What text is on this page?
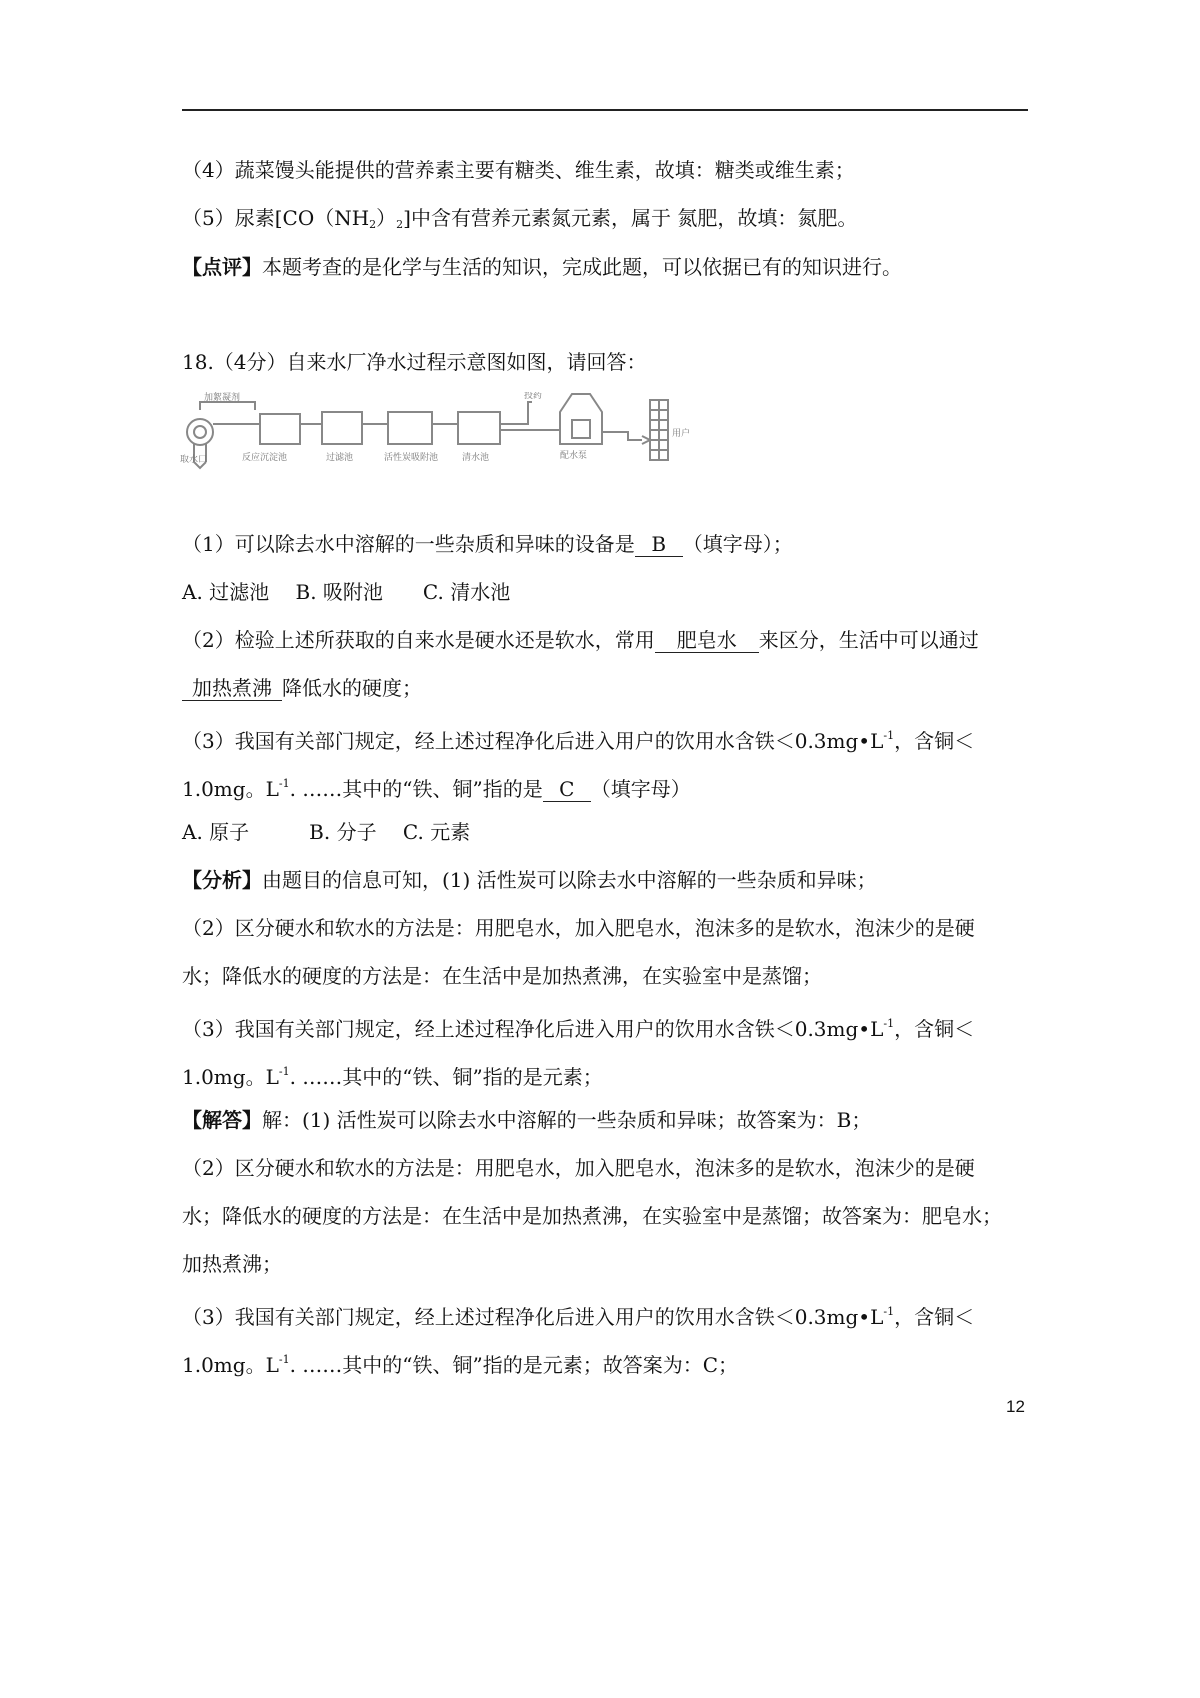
（4）蔬菜馒头能提供的营养素主要有糖类、维生素，故填：糖类或维生素；
（5）尿素$[CO(NH_2)_2]$中含有营养元素氮元素，属于 氮肥，故填：氮肥。
【点评】本题考查的是化学与生活的知识，完成此题，可以依据已有的知识进行。
18.（4分）自来水厂净水过程示意图如图，请回答：
加絮凝剂
取水口	反应沉淀池	过滤池	活性炭吸附池	清水池
投药
配水泵
用户
（1）可以除去水中溶解的一些杂质和异味的设备是 B （填字母）；
A. 过滤池　 B. 吸附池　　C. 清水池
（2）检验上述所获取的自来水是硬水还是软水，常用 肥皂水 来区分，生活中可以通过
加热煮沸 降低水的硬度；
（3）我国有关部门规定，经上述过程净化后进入用户的饮用水含铁$<0.3mg•L^{-1}$，含铜＜
1.0mg。$L^{-1}$. ……其中的“铁、铜”指的是 C （填字母）
A. 原子　　　B. 分子　 C. 元素
【分析】由题目的信息可知，(1) 活性炭可以除去水中溶解的一些杂质和异味；
（2）区分硬水和软水的方法是：用肥皂水，加入肥皂水，泡沫多的是软水，泡沫少的是硬
水；降低水的硬度的方法是：在生活中是加热煮沸，在实验室中是蒸馏；
（3）我国有关部门规定，经上述过程净化后进入用户的饮用水含铁$<0.3mg•L^{-1}$，含铜＜
1.0mg。$L^{-1}$. ……其中的“铁、铜”指的是元素；
【解答】解：(1) 活性炭可以除去水中溶解的一些杂质和异味；故答案为：B；
（2）区分硬水和软水的方法是：用肥皂水，加入肥皂水，泡沫多的是软水，泡沫少的是硬
水；降低水的硬度的方法是：在生活中是加热煮沸，在实验室中是蒸馏；故答案为：肥皂水；
加热煮沸；
（3）我国有关部门规定，经上述过程净化后进入用户的饮用水含铁$<0.3mg•L^{-1}$，含铜＜
1.0mg。$L^{-1}$. ……其中的“铁、铜”指的是元素；故答案为：C；
12
